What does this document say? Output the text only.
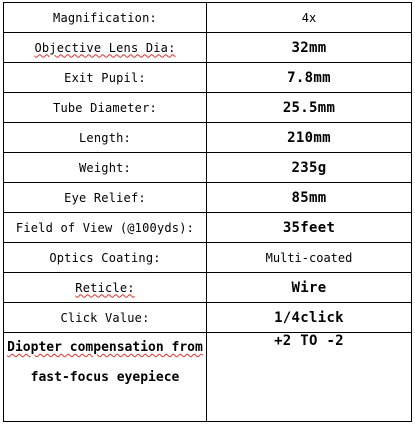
Magnification:	4x
Objective Lens Dia:	32mm
Exit Pupil:	7.8mm
Tube Diameter:	25.5mm
Length:	210mm
Weight:	235g
Eye Relief:	85mm
Field of View (@100yds):	35feet
Optics Coating:	Multi-coated
Reticle:	Wire
Click Value:	1/4click

Diopter compensation from
fast-focus eyepiece	+2 TO -2
